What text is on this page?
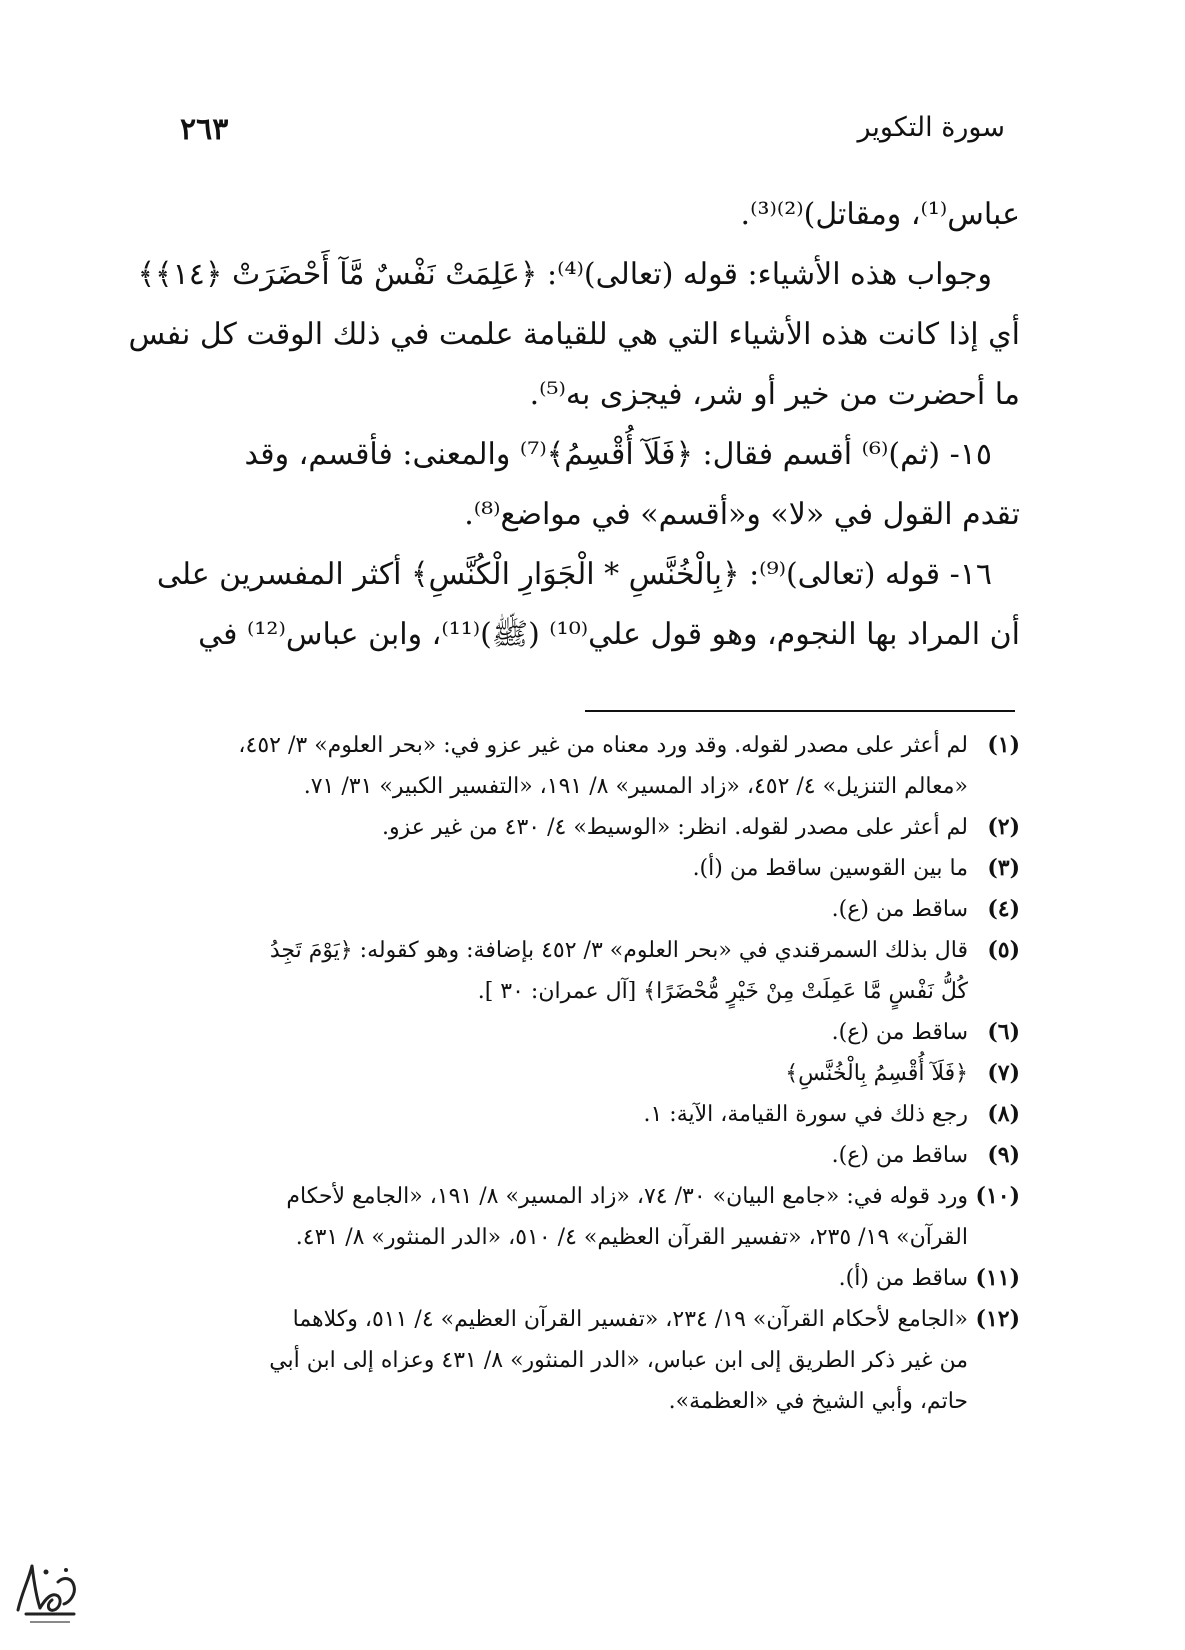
سورة التكوير
٢٦٣
عباس⁽¹⁾، ومقاتل)⁽²⁾⁽³⁾.
وجواب هذه الأشياء: قوله (تعالى)⁽⁴⁾: ﴿عَلِمَتْ نَفْسٌ مَّآ أَحْضَرَتْ ﴿١٤﴾﴾
أي إذا كانت هذه الأشياء التي هي للقيامة علمت في ذلك الوقت كل نفس
ما أحضرت من خير أو شر، فيجزى به⁽⁵⁾.
١٥- (ثم)⁽⁶⁾ أقسم فقال: ﴿فَلَآ أُقْسِمُ﴾⁽⁷⁾ والمعنى: فأقسم، وقد
تقدم القول في «لا» و«أقسم» في مواضع⁽⁸⁾.
١٦- قوله (تعالى)⁽⁹⁾: ﴿بِالْخُنَّسِ * الْجَوَارِ الْكُنَّسِ﴾ أكثر المفسرين على
أن المراد بها النجوم، وهو قول علي⁽¹⁰⁾ (ﷺ)⁽¹¹⁾، وابن عباس⁽¹²⁾ في
(١)لم أعثر على مصدر لقوله. وقد ورد معناه من غير عزو في: «بحر العلوم» ٣/ ٤٥٢،
«معالم التنزيل» ٤/ ٤٥٢، «زاد المسير» ٨/ ١٩١، «التفسير الكبير» ٣١/ ٧١.
(٢)لم أعثر على مصدر لقوله. انظر: «الوسيط» ٤/ ٤٣٠ من غير عزو.
(٣)ما بين القوسين ساقط من (أ).
(٤)ساقط من (ع).
(٥)قال بذلك السمرقندي في «بحر العلوم» ٣/ ٤٥٢ بإضافة: وهو كقوله: ﴿يَوْمَ تَجِدُ
كُلُّ نَفْسٍ مَّا عَمِلَتْ مِنْ خَيْرٍ مُّحْضَرًا﴾ [آل عمران: ٣٠ ].
(٦)ساقط من (ع).
(٧)﴿فَلَآ أُقْسِمُ بِالْخُنَّسِ﴾
(٨)رجع ذلك في سورة القيامة، الآية: ١.
(٩)ساقط من (ع).
(١٠)ورد قوله في: «جامع البيان» ٣٠/ ٧٤، «زاد المسير» ٨/ ١٩١، «الجامع لأحكام
القرآن» ١٩/ ٢٣٥، «تفسير القرآن العظيم» ٤/ ٥١٠، «الدر المنثور» ٨/ ٤٣١.
(١١)ساقط من (أ).
(١٢)«الجامع لأحكام القرآن» ١٩/ ٢٣٤، «تفسير القرآن العظيم» ٤/ ٥١١، وكلاهما
من غير ذكر الطريق إلى ابن عباس، «الدر المنثور» ٨/ ٤٣١ وعزاه إلى ابن أبي
حاتم، وأبي الشيخ في «العظمة».
